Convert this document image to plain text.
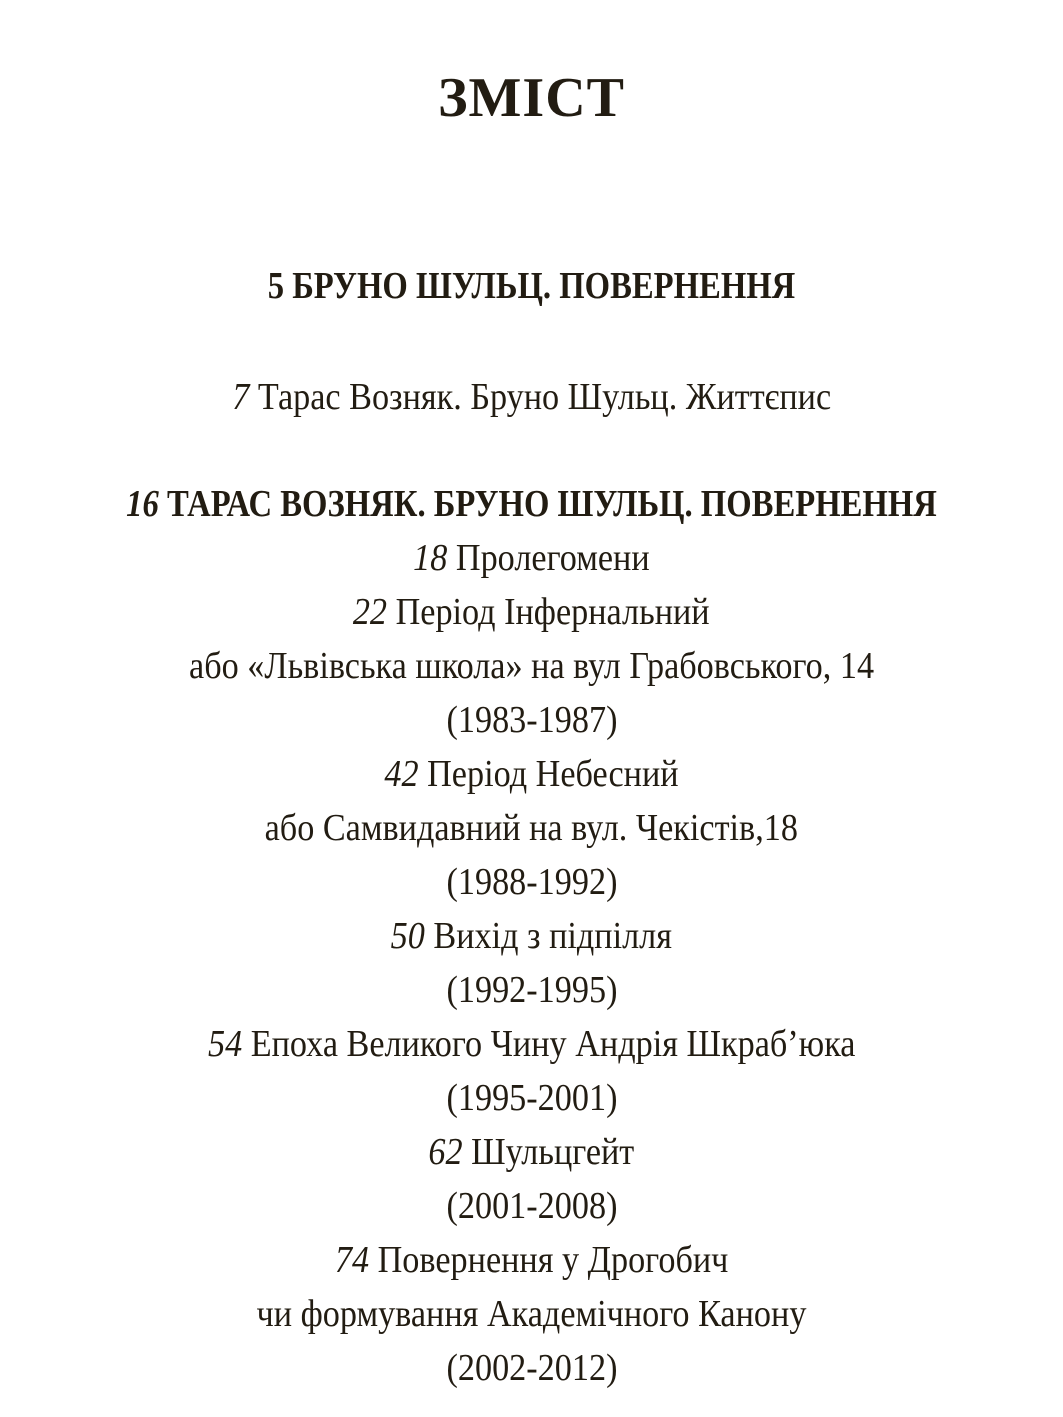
ЗМІСТ

5 БРУНО ШУЛЬЦ. ПОВЕРНЕННЯ

7 Тарас Возняк. Бруно Шульц. Життєпис

16 ТАРАС ВОЗНЯК. БРУНО ШУЛЬЦ. ПОВЕРНЕННЯ

18 Пролегомени

22 Період Інфернальний

або «Львівська школа» на вул Грабовського, 14

(1983-1987)

42 Період Небесний

або Самвидавний на вул. Чекістів,18

(1988-1992)

50 Вихід з підпілля

(1992-1995)

54 Епоха Великого Чину Андрія Шкраб’юка

(1995-2001)

62 Шульцгейт

(2001-2008)

74 Повернення у Дрогобич

чи формування Академічного Канону

(2002-2012)
